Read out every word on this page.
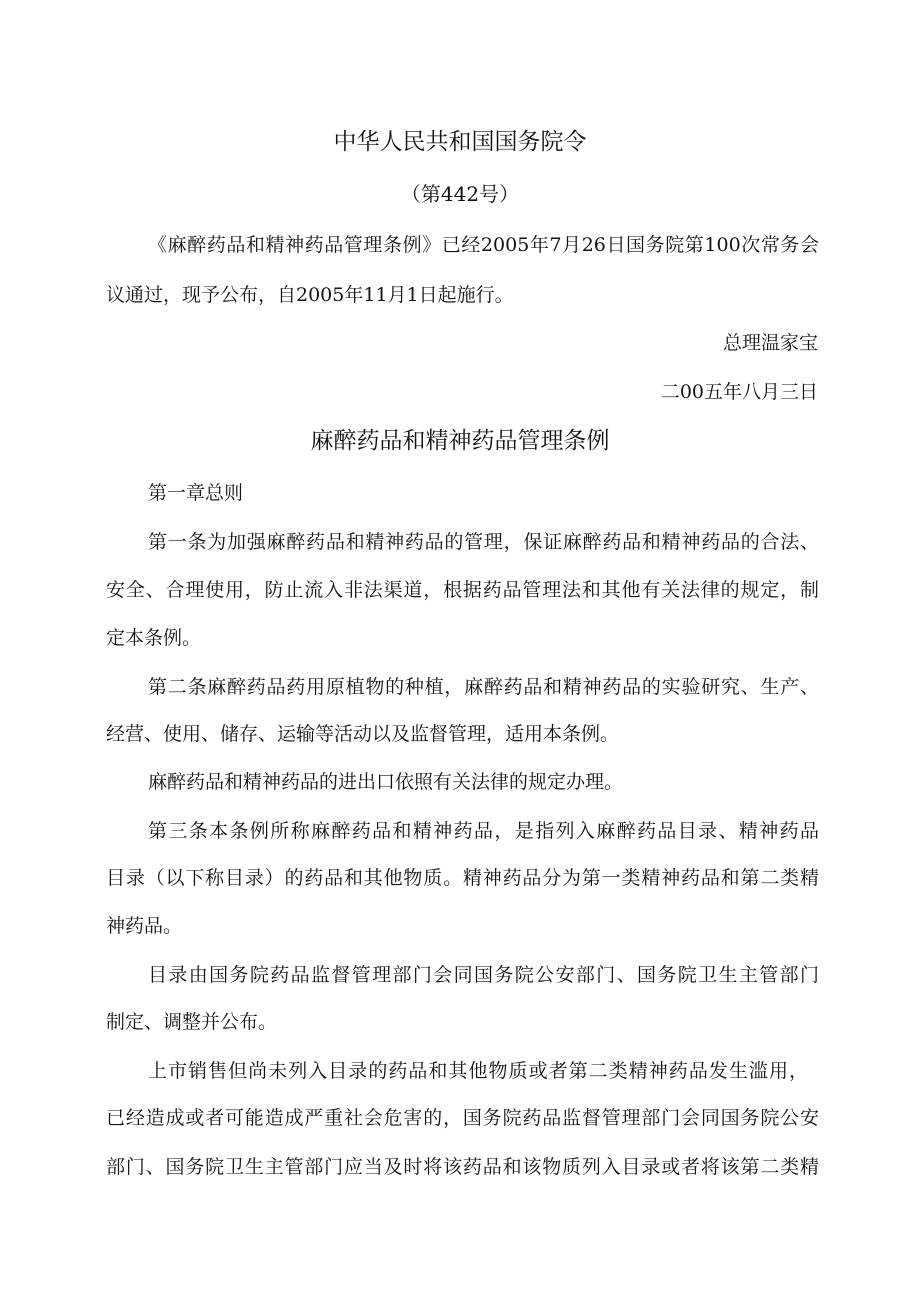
中华人民共和国国务院令
（第442号）
《麻醉药品和精神药品管理条例》已经2005年7月26日国务院第100次常务会
议通过，现予公布，自2005年11月1日起施行。
总理温家宝
二00五年八月三日
麻醉药品和精神药品管理条例
第一章总则
第一条为加强麻醉药品和精神药品的管理，保证麻醉药品和精神药品的合法、
安全、合理使用，防止流入非法渠道，根据药品管理法和其他有关法律的规定，制
定本条例。
第二条麻醉药品药用原植物的种植，麻醉药品和精神药品的实验研究、生产、
经营、使用、储存、运输等活动以及监督管理，适用本条例。
麻醉药品和精神药品的进出口依照有关法律的规定办理。
第三条本条例所称麻醉药品和精神药品，是指列入麻醉药品目录、精神药品
目录（以下称目录）的药品和其他物质。精神药品分为第一类精神药品和第二类精
神药品。
目录由国务院药品监督管理部门会同国务院公安部门、国务院卫生主管部门
制定、调整并公布。
上市销售但尚未列入目录的药品和其他物质或者第二类精神药品发生滥用，
已经造成或者可能造成严重社会危害的，国务院药品监督管理部门会同国务院公安
部门、国务院卫生主管部门应当及时将该药品和该物质列入目录或者将该第二类精
